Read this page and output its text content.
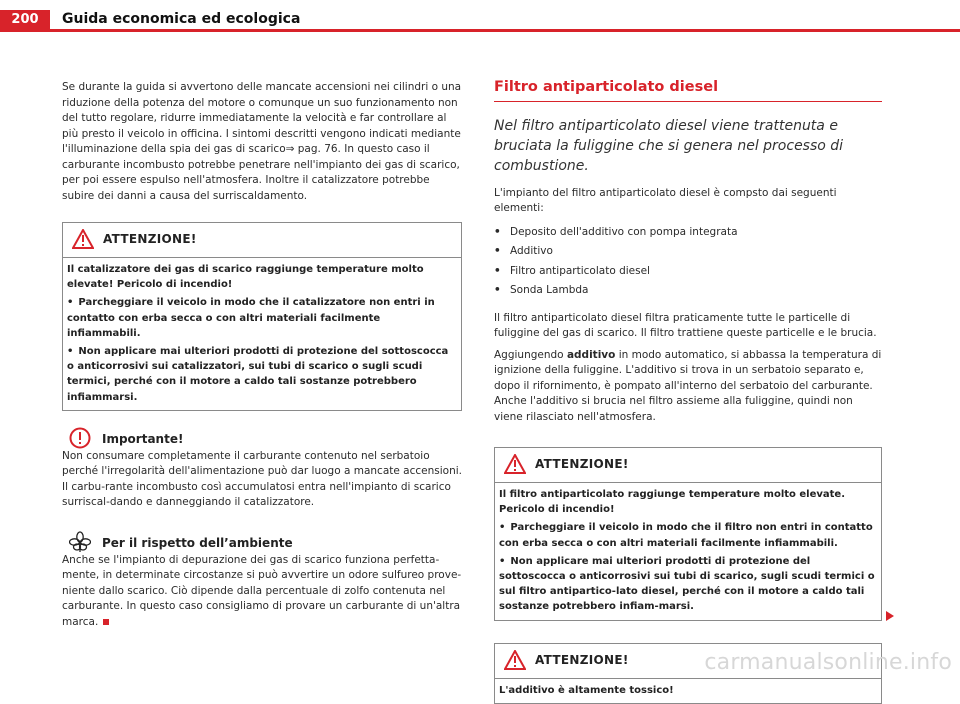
200	Guida economica ed ecologica

Se durante la guida si avvertono delle mancate accensioni nei cilindri o una riduzione della potenza del motore o comunque un suo funzionamento non del tutto regolare, ridurre immediatamente la velocità e far controllare al più presto il veicolo in officina. I sintomi descritti vengono indicati mediante l'illuminazione della spia dei gas di scarico⇒ pag. 76. In questo caso il carburante incombusto potrebbe penetrare nell'impianto dei gas di scarico, per poi essere espulso nell'atmosfera. Inoltre il catalizzatore potrebbe subire dei danni a causa del surriscaldamento.

ATTENZIONE!
Il catalizzatore dei gas di scarico raggiunge temperature molto elevate! Pericolo di incendio!
• Parcheggiare il veicolo in modo che il catalizzatore non entri in contatto con erba secca o con altri materiali facilmente infiammabili.
• Non applicare mai ulteriori prodotti di protezione del sottoscocca o anticorrosivi sui catalizzatori, sui tubi di scarico o sugli scudi termici, perché con il motore a caldo tali sostanze potrebbero infiammarsi.
Importante!

Non consumare completamente il carburante contenuto nel serbatoio perché l'irregolarità dell'alimentazione può dar luogo a mancate accensioni. Il carbu-rante incombusto così accumulatosi entra nell'impianto di scarico surriscal-dando e danneggiando il catalizzatore.

Per il rispetto dell’ambiente

Anche se l'impianto di depurazione dei gas di scarico funziona perfetta-mente, in determinate circostanze si può avvertire un odore sulfureo prove-niente dallo scarico. Ciò dipende dalla percentuale di zolfo contenuta nel carburante. In questo caso consigliamo di provare un carburante di un'altra marca.

Filtro antiparticolato diesel

Nel filtro antiparticolato diesel viene trattenuta e bruciata la fuliggine che si genera nel processo di combustione.

L'impianto del filtro antiparticolato diesel è compsto dai seguenti elementi:

• Deposito dell'additivo con pompa integrata
• Additivo
• Filtro antiparticolato diesel
• Sonda Lambda

Il filtro antiparticolato diesel filtra praticamente tutte le particelle di fuliggine del gas di scarico. Il filtro trattiene queste particelle e le brucia.

Aggiungendo additivo in modo automatico, si abbassa la temperatura di ignizione della fuliggine. L'additivo si trova in un serbatoio separato e, dopo il rifornimento, è pompato all'interno del serbatoio del carburante. Anche l'additivo si brucia nel filtro assieme alla fuliggine, quindi non viene rilasciato nell'atmosfera.

ATTENZIONE!
Il filtro antiparticolato raggiunge temperature molto elevate. Pericolo di incendio!
• Parcheggiare il veicolo in modo che il filtro non entri in contatto con erba secca o con altri materiali facilmente infiammabili.
• Non applicare mai ulteriori prodotti di protezione del sottoscocca o anticorrosivi sui tubi di scarico, sugli scudi termici o sul filtro antipartico-lato diesel, perché con il motore a caldo tali sostanze potrebbero infiam-marsi.
ATTENZIONE!
L'additivo è altamente tossico!
carmanualsonline.info
